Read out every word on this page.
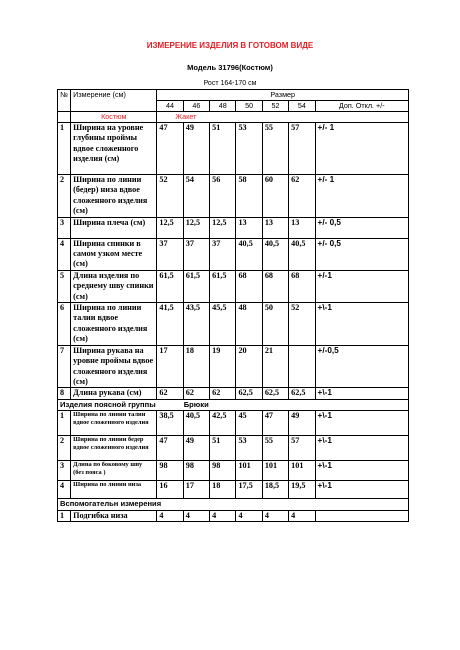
ИЗМЕРЕНИЕ ИЗДЕЛИЯ В ГОТОВОМ ВИДЕ
Модель 31796(Костюм)
Рост 164-170 см
№	Измерение (см)	Размер						
		44	46	48	50	52	54	Доп. Откл. +/-
	Костюм	Жакет						
1	Ширина на уровне глубины проймы вдвое сложенного изделия (см)	47	49	51	53	55	57	+/- 1
2	Ширина по линии (бедер) низа вдвое сложенного изделия (см)	52	54	56	58	60	62	+/- 1
3	Ширина плеча (см)	12,5	12,5	12,5	13	13	13	+/- 0,5
4	Ширина спинки в самом узком месте (см)	37	37	37	40,5	40,5	40,5	+/- 0,5
5	Длина изделия по среднему шву спинки (см)	61,5	61,5	61,5	68	68	68	+/-1
6	Ширина по линии талии вдвое сложенного изделия (см)	41,5	43,5	45,5	48	50	52	+\-1
7	Ширина рукава на уровне проймы вдвое сложенного изделия (см)	17	18	19	20	21		+/-0,5
8	Длина рукава (см)	62	62	62	62,5	62,5	62,5	+\-1
Изделия поясной группы Брюки								
1	Ширина по линии талии вдвое сложенного изделия	38,5	40,5	42,5	45	47	49	+\-1
2	Ширина по линии бедер вдвое сложенного изделия	47	49	51	53	55	57	+\-1
3	Длина по боковому шву (без пояса )	98	98	98	101	101	101	+\-1
4	Ширина по линии низа	16	17	18	17,5	18,5	19,5	+\-1
Вспомогательн измерения								
1	Подгибка низа	4	4	4	4	4	4	
